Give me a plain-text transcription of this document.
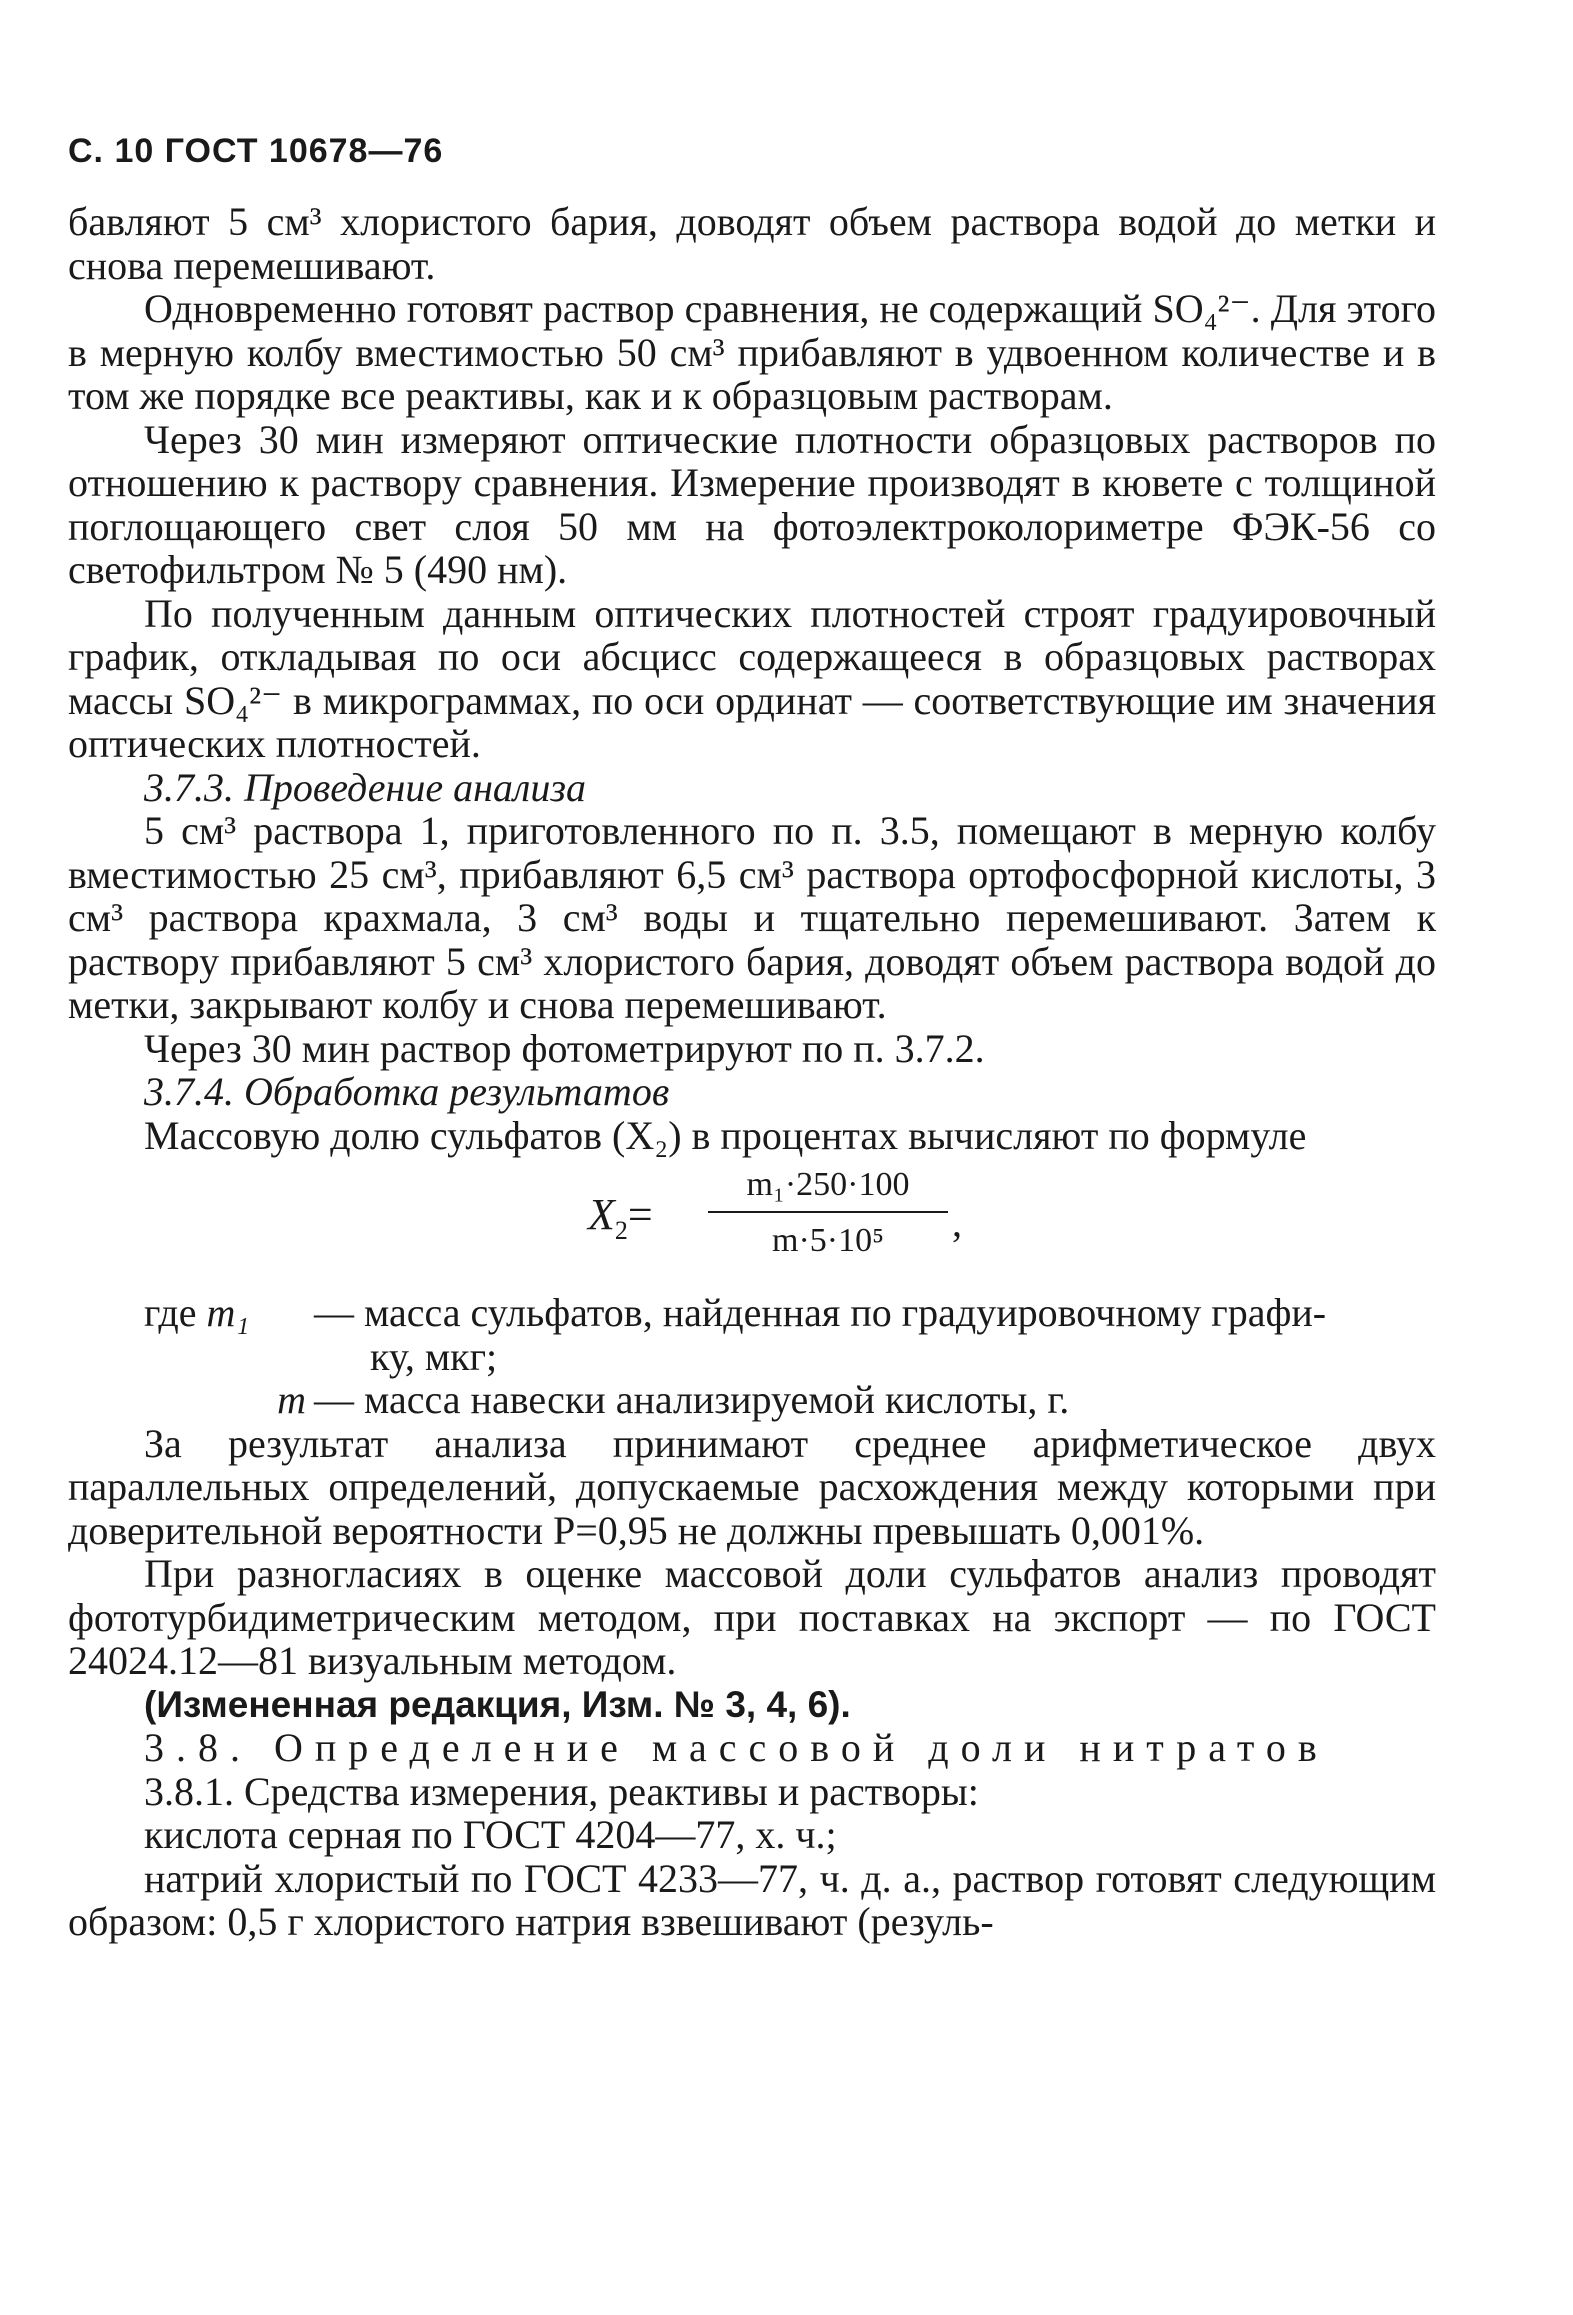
С. 10 ГОСТ 10678—76

бавляют 5 см³ хлористого бария, доводят объем раствора водой до метки и снова перемешивают.

Одновременно готовят раствор сравнения, не содержащий SO₄²⁻. Для этого в мерную колбу вместимостью 50 см³ прибавляют в удвоенном количестве и в том же порядке все реактивы, как и к образцовым растворам.

Через 30 мин измеряют оптические плотности образцовых растворов по отношению к раствору сравнения. Измерение производят в кювете с толщиной поглощающего свет слоя 50 мм на фотоэлектроколориметре ФЭК-56 со светофильтром № 5 (490 нм).

По полученным данным оптических плотностей строят градуировочный график, откладывая по оси абсцисс содержащееся в образцовых растворах массы SO₄²⁻ в микрограммах, по оси ординат — соответствующие им значения оптических плотностей.

3.7.3. Проведение анализа

5 см³ раствора 1, приготовленного по п. 3.5, помещают в мерную колбу вместимостью 25 см³, прибавляют 6,5 см³ раствора ортофосфорной кислоты, 3 см³ раствора крахмала, 3 см³ воды и тщательно перемешивают. Затем к раствору прибавляют 5 см³ хлористого бария, доводят объем раствора водой до метки, закрывают колбу и снова перемешивают.

Через 30 мин раствор фотометрируют по п. 3.7.2.

3.7.4. Обработка результатов

Массовую долю сульфатов (X₂) в процентах вычисляют по формуле

$X_2= \frac{\text{m₁·250·100}}{\text{m·5·10⁵}}$ ,
где m₁	— масса сульфатов, найденная по градуировочному графи-
ку, мкг;
m — масса навески анализируемой кислоты, г.

За результат анализа принимают среднее арифметическое двух параллельных определений, допускаемые расхождения между которыми при доверительной вероятности P=0,95 не должны превышать 0,001%.

При разногласиях в оценке массовой доли сульфатов анализ проводят фототурбидиметрическим методом, при поставках на экспорт — по ГОСТ 24024.12—81 визуальным методом.

(Измененная редакция, Изм. № 3, 4, 6).

3.8. Определение массовой доли нитратов

3.8.1. Средства измерения, реактивы и растворы:

кислота серная по ГОСТ 4204—77, х. ч.;

натрий хлористый по ГОСТ 4233—77, ч. д. а., раствор готовят следующим образом: 0,5 г хлористого натрия взвешивают (резуль-
